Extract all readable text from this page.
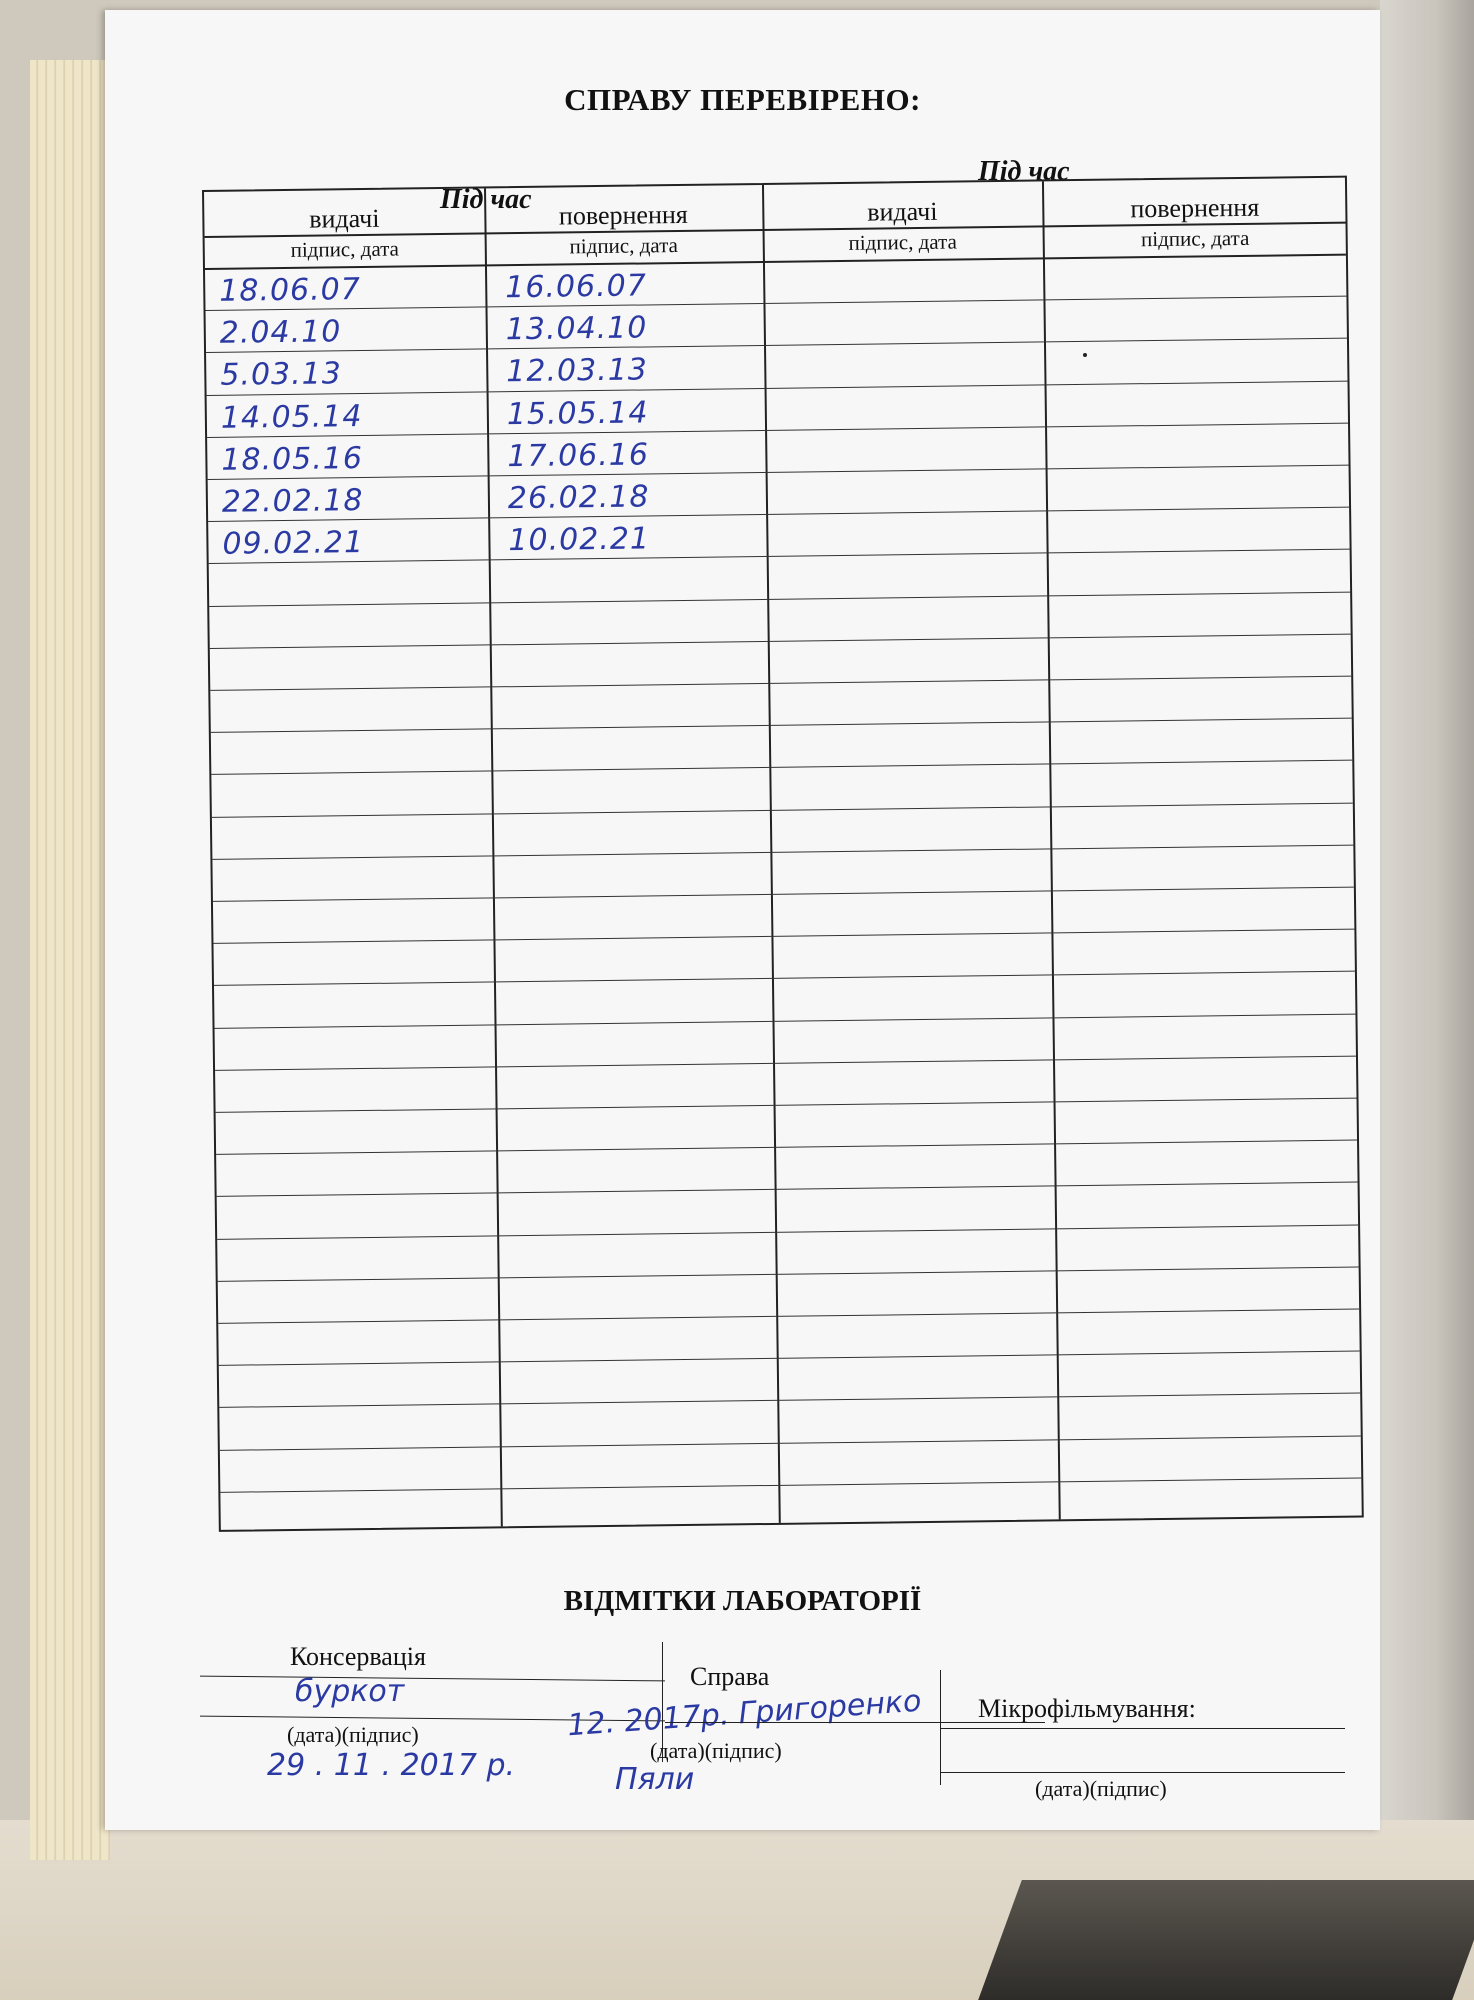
СПРАВУ ПЕРЕВІРЕНО:
Під час
Під час
видачі	повернення	видачі	повернення
підпис, дата	підпис, дата	підпис, дата	підпис, дата
18.06.07	16.06.07
2.04.10	13.04.10
5.03.13	12.03.13
14.05.14	15.05.14
18.05.16	17.06.16
22.02.18	26.02.18
09.02.21	10.02.21
ВІДМІТКИ ЛАБОРАТОРІЇ
Консервація
буркот
(дата)(підпис)
29 . 11 . 2017 р.
Справа
12. 2017р. Григоренко
(дата)(підпис)
Пяли
Мікрофільмування:
(дата)(підпис)
